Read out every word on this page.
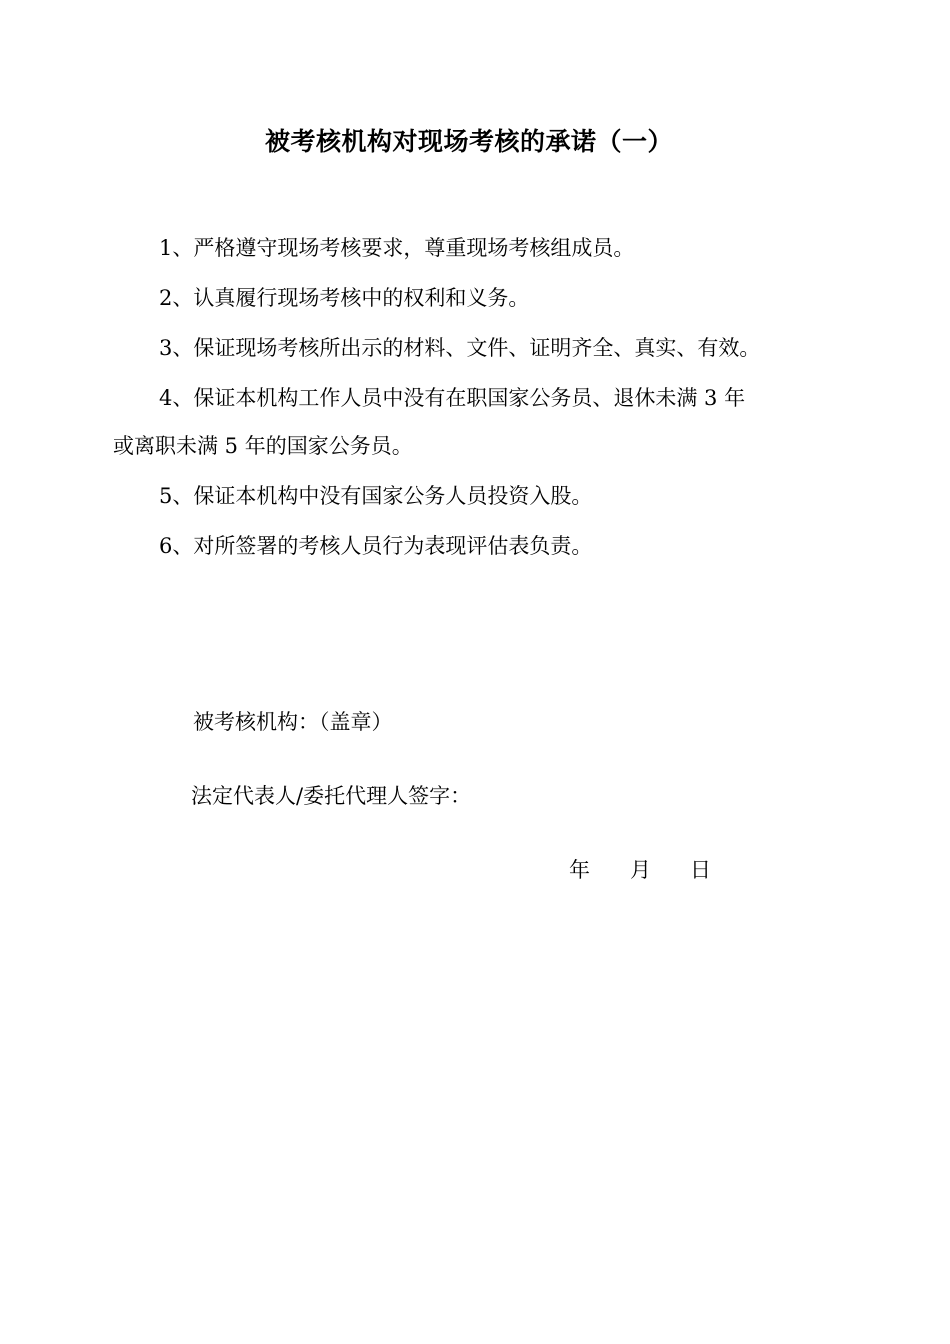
被考核机构对现场考核的承诺（一）
1、严格遵守现场考核要求，尊重现场考核组成员。
2、认真履行现场考核中的权利和义务。
3、保证现场考核所出示的材料、文件、证明齐全、真实、有效。
4、保证本机构工作人员中没有在职国家公务员、退休未满 3 年
或离职未满 5 年的国家公务员。
5、保证本机构中没有国家公务人员投资入股。
6、对所签署的考核人员行为表现评估表负责。
被考核机构：（盖章）
法定代表人/委托代理人签字：
年 月 日
